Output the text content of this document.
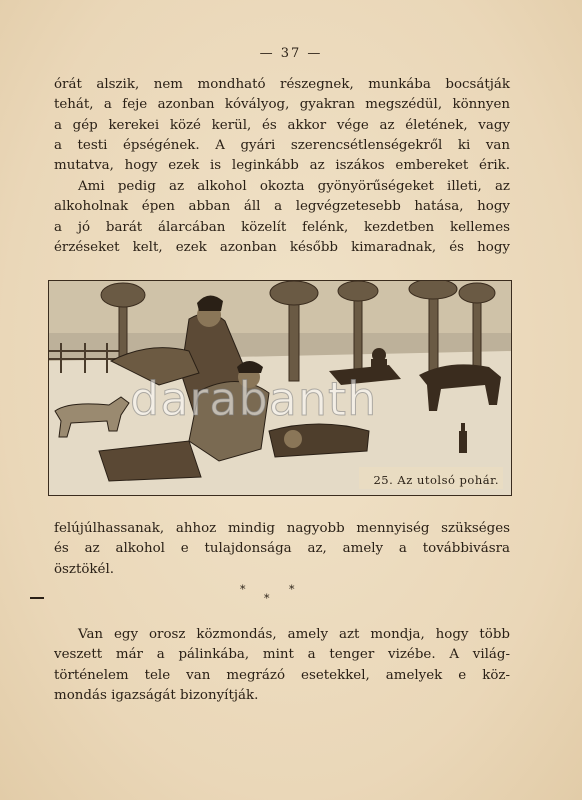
— 37 —
órát alszik, nem mondható részegnek, munkába bocsátják
tehát, a feje azonban kóvályog, gyakran megszédül, könnyen
a gép kerekei közé kerül, és akkor vége az életének, vagy
a testi épségének. A gyári szerencsétlenségekről ki van
mutatva, hogy ezek is leginkább az iszákos embereket érik.
Ami pedig az alkohol okozta gyönyörűségeket illeti, az
alkoholnak épen abban áll a legvégzetesebb hatása, hogy
a jó barát álarcában közelít felénk, kezdetben kellemes
érzéseket kelt, ezek azonban később kimaradnak, és hogy
25. Az utolsó pohár.
darabanth
felújúlhassanak, ahhoz mindig nagyobb mennyiség szükséges
és az alkohol e tulajdonsága az, amely a továbbivásra
ösztökél.
*	*
*
Van egy orosz közmondás, amely azt mondja, hogy több
veszett már a pálinkába, mint a tenger vizébe. A világ-
történelem tele van megrázó esetekkel, amelyek e köz-
mondás igazságát bizonyítják.
